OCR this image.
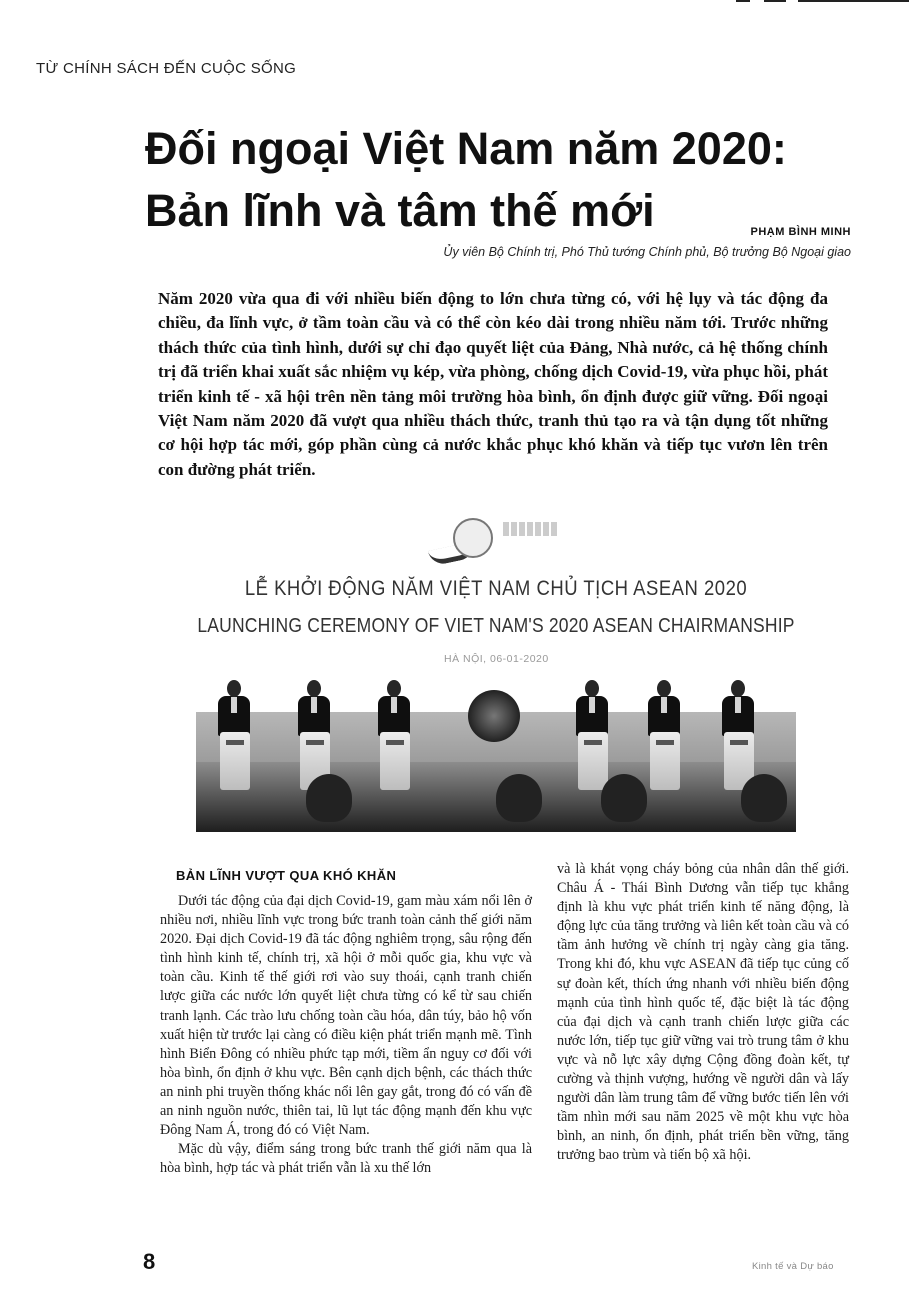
TỪ CHÍNH SÁCH ĐẾN CUỘC SỐNG
Đối ngoại Việt Nam năm 2020:
Bản lĩnh và tâm thế mới	PHẠM BÌNH MINH
Ủy viên Bộ Chính trị, Phó Thủ tướng Chính phủ, Bộ trưởng Bộ Ngoại giao
Năm 2020 vừa qua đi với nhiều biến động to lớn chưa từng có, với hệ lụy và tác động đa chiều, đa lĩnh vực, ở tầm toàn cầu và có thể còn kéo dài trong nhiều năm tới. Trước những thách thức của tình hình, dưới sự chỉ đạo quyết liệt của Đảng, Nhà nước, cả hệ thống chính trị đã triển khai xuất sắc nhiệm vụ kép, vừa phòng, chống dịch Covid-19, vừa phục hồi, phát triển kinh tế - xã hội trên nền tảng môi trường hòa bình, ổn định được giữ vững. Đối ngoại Việt Nam năm 2020 đã vượt qua nhiều thách thức, tranh thủ tạo ra và tận dụng tốt những cơ hội hợp tác mới, góp phần cùng cả nước khắc phục khó khăn và tiếp tục vươn lên trên con đường phát triển.
LỄ KHỞI ĐỘNG NĂM VIỆT NAM CHỦ TỊCH ASEAN 2020
LAUNCHING CEREMONY OF VIET NAM'S 2020 ASEAN CHAIRMANSHIP
HÀ NỘI, 06-01-2020
BẢN LĨNH VƯỢT QUA KHÓ KHĂN

Dưới tác động của đại dịch Covid-19, gam màu xám nổi lên ở nhiều nơi, nhiều lĩnh vực trong bức tranh toàn cảnh thế giới năm 2020. Đại dịch Covid-19 đã tác động nghiêm trọng, sâu rộng đến tình hình kinh tế, chính trị, xã hội ở mỗi quốc gia, khu vực và toàn cầu. Kinh tế thế giới rơi vào suy thoái, cạnh tranh chiến lược giữa các nước lớn quyết liệt chưa từng có kể từ sau chiến tranh lạnh. Các trào lưu chống toàn cầu hóa, dân túy, bảo hộ vốn xuất hiện từ trước lại càng có điều kiện phát triển mạnh mẽ. Tình hình Biển Đông có nhiều phức tạp mới, tiềm ẩn nguy cơ đối với hòa bình, ổn định ở khu vực. Bên cạnh dịch bệnh, các thách thức an ninh phi truyền thống khác nổi lên gay gắt, trong đó có vấn đề an ninh nguồn nước, thiên tai, lũ lụt tác động mạnh đến khu vực Đông Nam Á, trong đó có Việt Nam.

Mặc dù vậy, điểm sáng trong bức tranh thế giới năm qua là hòa bình, hợp tác và phát triển vẫn là xu thế lớn

và là khát vọng cháy bỏng của nhân dân thế giới. Châu Á - Thái Bình Dương vẫn tiếp tục khẳng định là khu vực phát triển kinh tế năng động, là động lực của tăng trưởng và liên kết toàn cầu và có tầm ảnh hưởng về chính trị ngày càng gia tăng. Trong khi đó, khu vực ASEAN đã tiếp tục củng cố sự đoàn kết, thích ứng nhanh với nhiều biến động mạnh của tình hình quốc tế, đặc biệt là tác động của đại dịch và cạnh tranh chiến lược giữa các nước lớn, tiếp tục giữ vững vai trò trung tâm ở khu vực và nỗ lực xây dựng Cộng đồng đoàn kết, tự cường và thịnh vượng, hướng về người dân và lấy người dân làm trung tâm để vững bước tiến lên với tầm nhìn mới sau năm 2025 về một khu vực hòa bình, an ninh, ổn định, phát triển bền vững, tăng trưởng bao trùm và tiến bộ xã hội.

8	Kinh tế và Dự báo
